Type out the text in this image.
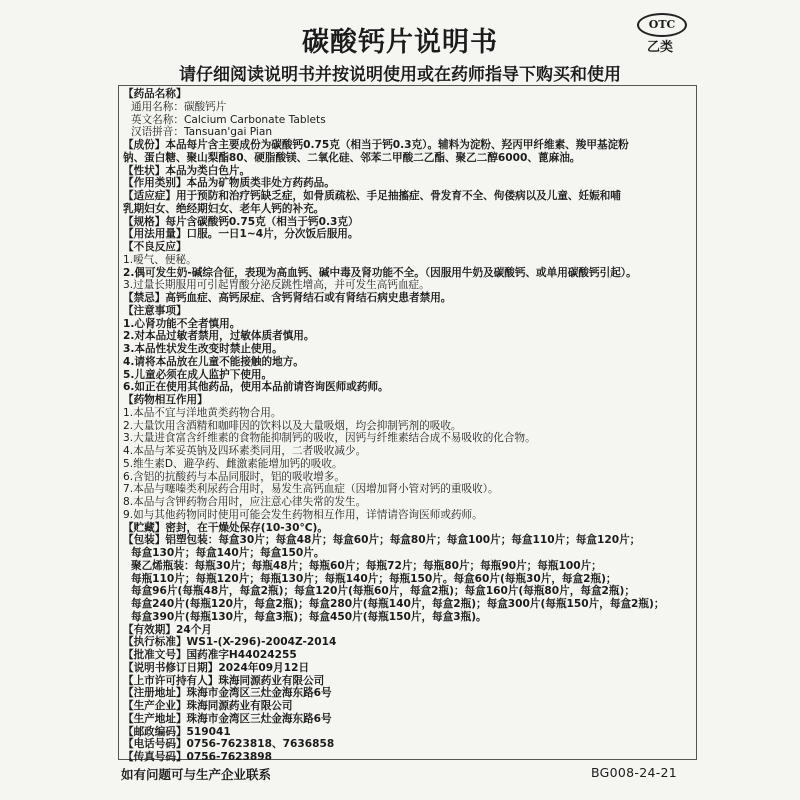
碳酸钙片说明书
OTC
乙类
请仔细阅读说明书并按说明使用或在药师指导下购买和使用
【药品名称】
通用名称：碳酸钙片
英文名称：Calcium Carbonate Tablets
汉语拼音：Tansuan'gai Pian
【成份】本品每片含主要成份为碳酸钙0.75克（相当于钙0.3克）。辅料为淀粉、羟丙甲纤维素、羧甲基淀粉
钠、蛋白糖、聚山梨酯80、硬脂酸镁、二氧化硅、邻苯二甲酸二乙酯、聚乙二醇6000、蓖麻油。
【性状】本品为类白色片。
【作用类别】本品为矿物质类非处方药药品。
【适应症】用于预防和治疗钙缺乏症，如骨质疏松、手足抽搐症、骨发育不全、佝偻病以及儿童、妊娠和哺
乳期妇女、绝经期妇女、老年人钙的补充。
【规格】每片含碳酸钙0.75克（相当于钙0.3克）
【用法用量】口服。一日1~4片，分次饭后服用。
【不良反应】
1.嗳气、便秘。
2.偶可发生奶-碱综合征，表现为高血钙、碱中毒及肾功能不全。（因服用牛奶及碳酸钙、或单用碳酸钙引起）。
3.过量长期服用可引起胃酸分泌反跳性增高，并可发生高钙血症。
【禁忌】高钙血症、高钙尿症、含钙肾结石或有肾结石病史患者禁用。
【注意事项】
1.心肾功能不全者慎用。
2.对本品过敏者禁用，过敏体质者慎用。
3.本品性状发生改变时禁止使用。
4.请将本品放在儿童不能接触的地方。
5.儿童必须在成人监护下使用。
6.如正在使用其他药品，使用本品前请咨询医师或药师。
【药物相互作用】
1.本品不宜与洋地黄类药物合用。
2.大量饮用含酒精和咖啡因的饮料以及大量吸烟，均会抑制钙剂的吸收。
3.大量进食富含纤维素的食物能抑制钙的吸收，因钙与纤维素结合成不易吸收的化合物。
4.本品与苯妥英钠及四环素类同用，二者吸收减少。
5.维生素D、避孕药、雌激素能增加钙的吸收。
6.含铝的抗酸药与本品同服时，铝的吸收增多。
7.本品与噻嗪类利尿药合用时，易发生高钙血症（因增加肾小管对钙的重吸收）。
8.本品与含钾药物合用时，应注意心律失常的发生。
9.如与其他药物同时使用可能会发生药物相互作用，详情请咨询医师或药师。
【贮藏】密封，在干燥处保存(10-30°C)。
【包装】铝塑包装：每盒30片；每盒48片；每盒60片；每盒80片；每盒100片；每盒110片；每盒120片；
每盒130片；每盒140片；每盒150片。
聚乙烯瓶装：每瓶30片；每瓶48片；每瓶60片；每瓶72片；每瓶80片；每瓶90片；每瓶100片；
每瓶110片；每瓶120片；每瓶130片；每瓶140片；每瓶150片。每盒60片(每瓶30片，每盒2瓶)；
每盒96片(每瓶48片，每盒2瓶)；每盒120片(每瓶60片，每盒2瓶)；每盒160片(每瓶80片，每盒2瓶)；
每盒240片(每瓶120片，每盒2瓶)；每盒280片(每瓶140片，每盒2瓶)；每盒300片(每瓶150片，每盒2瓶)；
每盒390片(每瓶130片，每盒3瓶)；每盒450片(每瓶150片，每盒3瓶)。
【有效期】24个月
【执行标准】WS1-(X-296)-2004Z-2014
【批准文号】国药准字H44024255
【说明书修订日期】2024年09月12日
【上市许可持有人】珠海同源药业有限公司
【注册地址】珠海市金湾区三灶金海东路6号
【生产企业】珠海同源药业有限公司
【生产地址】珠海市金湾区三灶金海东路6号
【邮政编码】519041
【电话号码】0756-7623818、7636858
【传真号码】0756-7623898
如有问题可与生产企业联系	BG008-24-21
